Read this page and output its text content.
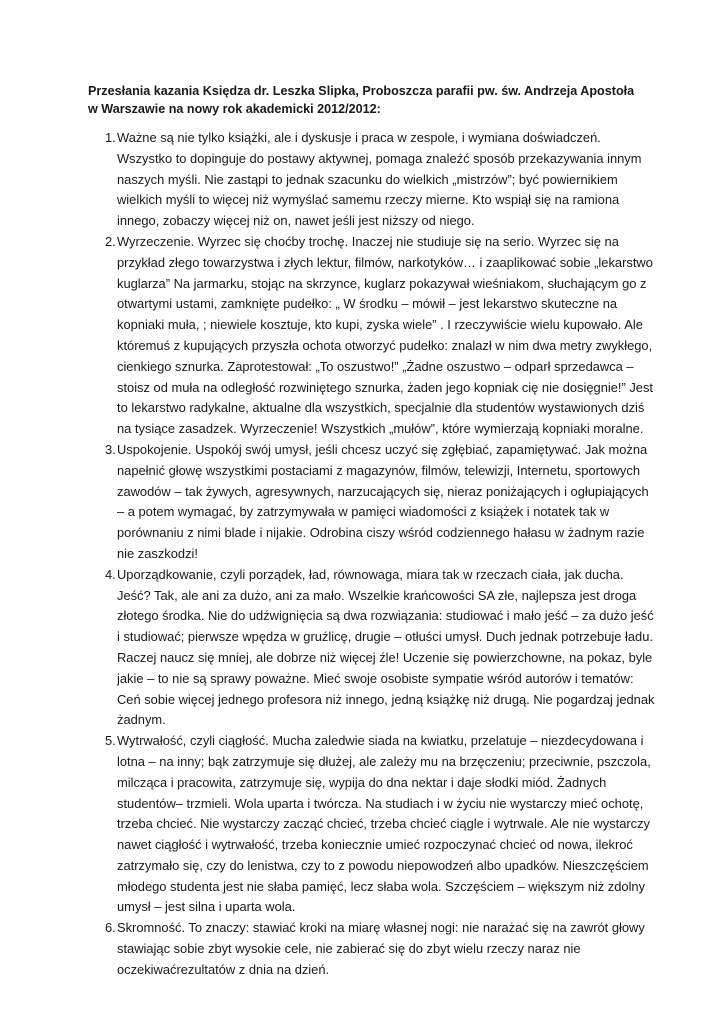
Przesłania kazania Księdza dr. Leszka Slipka, Proboszcza parafii pw. św. Andrzeja Apostoła
w Warszawie na nowy rok akademicki 2012/2012:
1. Ważne są nie tylko książki, ale i dyskusje i praca w zespole, i wymiana doświadczeń. Wszystko to dopinguje do postawy aktywnej, pomaga znaleźć sposób przekazywania innym naszych myśli. Nie zastąpi to jednak szacunku do wielkich „mistrzów”; być powiernikiem wielkich myśli to więcej niż wymyślać samemu rzeczy mierne. Kto wspiął się na ramiona innego, zobaczy więcej niż on, nawet jeśli jest niższy od niego.
2. Wyrzeczenie. Wyrzec się choćby trochę. Inaczej nie studiuje się na serio. Wyrzec się na przykład złego towarzystwa i złych lektur, filmów, narkotyków… i zaaplikować sobie „lekarstwo kuglarza” Na jarmarku, stojąc na skrzynce, kuglarz pokazywał wieśniakom, słuchającym go z otwartymi ustami, zamknięte pudełko: „ W środku – mówił – jest lekarstwo skuteczne na kopniaki muła, ; niewiele kosztuje, kto kupi, zyska wiele” . I rzeczywiście wielu kupowało. Ale któremuś z kupujących przyszła ochota otworzyć pudełko: znalazł w nim dwa metry zwykłego, cienkiego sznurka. Zaprotestował: „To oszustwo!” „Żadne oszustwo – odparł sprzedawca – stoisz od muła na odległość rozwiniętego sznurka, żaden jego kopniak cię nie dosięgnie!” Jest to lekarstwo radykalne, aktualne dla wszystkich, specjalnie dla studentów wystawionych dziś na tysiące zasadzek. Wyrzeczenie! Wszystkich „mułów”, które wymierzają kopniaki moralne.
3. Uspokojenie. Uspokój swój umysł, jeśli chcesz uczyć się zgłębiać, zapamiętywać. Jak można napełnić głowę wszystkimi postaciami z magazynów, filmów, telewizji, Internetu, sportowych zawodów – tak żywych, agresywnych, narzucających się, nieraz poniżających i ogłupiających – a potem wymagać, by zatrzymywała w pamięci wiadomości z książek i notatek tak w porównaniu z nimi blade i nijakie. Odrobina ciszy wśród codziennego hałasu w żadnym razie nie zaszkodzi!
4. Uporządkowanie, czyli porządek, ład, równowaga, miara tak w rzeczach ciała, jak ducha. Jeść? Tak, ale ani za dużo, ani za mało. Wszelkie krańcowości SA złe, najlepsza jest droga złotego środka. Nie do udźwignięcia są dwa rozwiązania: studiować i mało jeść – za dużo jeść i studiować; pierwsze wpędza w gruźlicę, drugie – otłuści umysł. Duch jednak potrzebuje ładu. Raczej naucz się mniej, ale dobrze niż więcej źle! Uczenie się powierzchowne, na pokaz, byle jakie – to nie są sprawy poważne. Mieć swoje osobiste sympatie wśród autorów i tematów: Ceń sobie więcej jednego profesora niż innego, jedną książkę niż drugą. Nie pogardzaj jednak żadnym.
5. Wytrwałość, czyli ciągłość. Mucha zaledwie siada na kwiatku, przelatuje – niezdecydowana i lotna – na inny; bąk zatrzymuje się dłużej, ale zależy mu na brzęczeniu; przeciwnie, pszczola, milcząca i pracowita, zatrzymuje się, wypija do dna nektar i daje słodki miód. Żadnych studentów– trzmieli. Wola uparta i twórcza. Na studiach i w życiu nie wystarczy mieć ochotę, trzeba chcieć. Nie wystarczy zacząć chcieć, trzeba chcieć ciągle i wytrwale. Ale nie wystarczy nawet ciągłość i wytrwałość, trzeba koniecznie umieć rozpoczynać chcieć od nowa, ilekroć zatrzymało się, czy do lenistwa, czy to z powodu niepowodzeń albo upadków. Nieszczęściem młodego studenta jest nie słaba pamięć, lecz słaba wola. Szczęściem – większym niż zdolny umysł – jest silna i uparta wola.
6. Skromność. To znaczy: stawiać kroki na miarę własnej nogi: nie narażać się na zawrót głowy stawiając sobie zbyt wysokie cele, nie zabierać się do zbyt wielu rzeczy naraz nie oczekiwaćrezultatów z dnia na dzień.
